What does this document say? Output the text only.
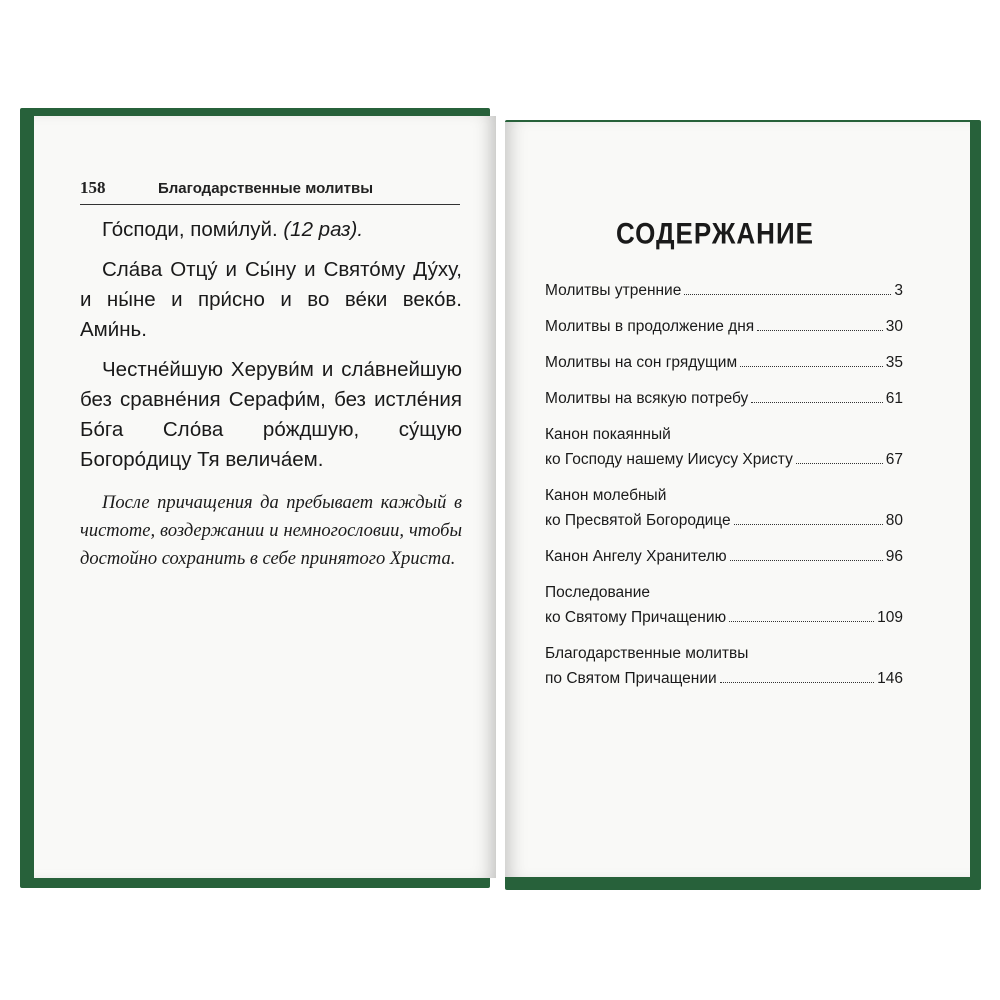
158	Благодарственные молитвы

Го́споди, поми́луй. (12 раз).

Сла́ва Отцу́ и Сы́ну и Свято́му Ду́ху, и ны́не и при́сно и во ве́ки веко́в. Ами́нь.

Честне́йшую Херуви́м и сла́внейшую без сравне́ния Серафи́м, без истле́ния Бо́га Сло́ва ро́ждшую, су́щую Богоро́дицу Тя велича́ем.

После причащения да пребывает каждый в чистоте, воздержании и немногословии, чтобы достойно сохранить в себе принятого Христа.

СОДЕРЖАНИЕ
Молитвы утренние	3
Молитвы в продолжение дня	30
Молитвы на сон грядущим	35
Молитвы на всякую потребу	61
Канон покаянный
ко Господу нашему Иисусу Христу	67
Канон молебный
ко Пресвятой Богородице	80
Канон Ангелу Хранителю	96
Последование
ко Святому Причащению	109
Благодарственные молитвы
по Святом Причащении	146
